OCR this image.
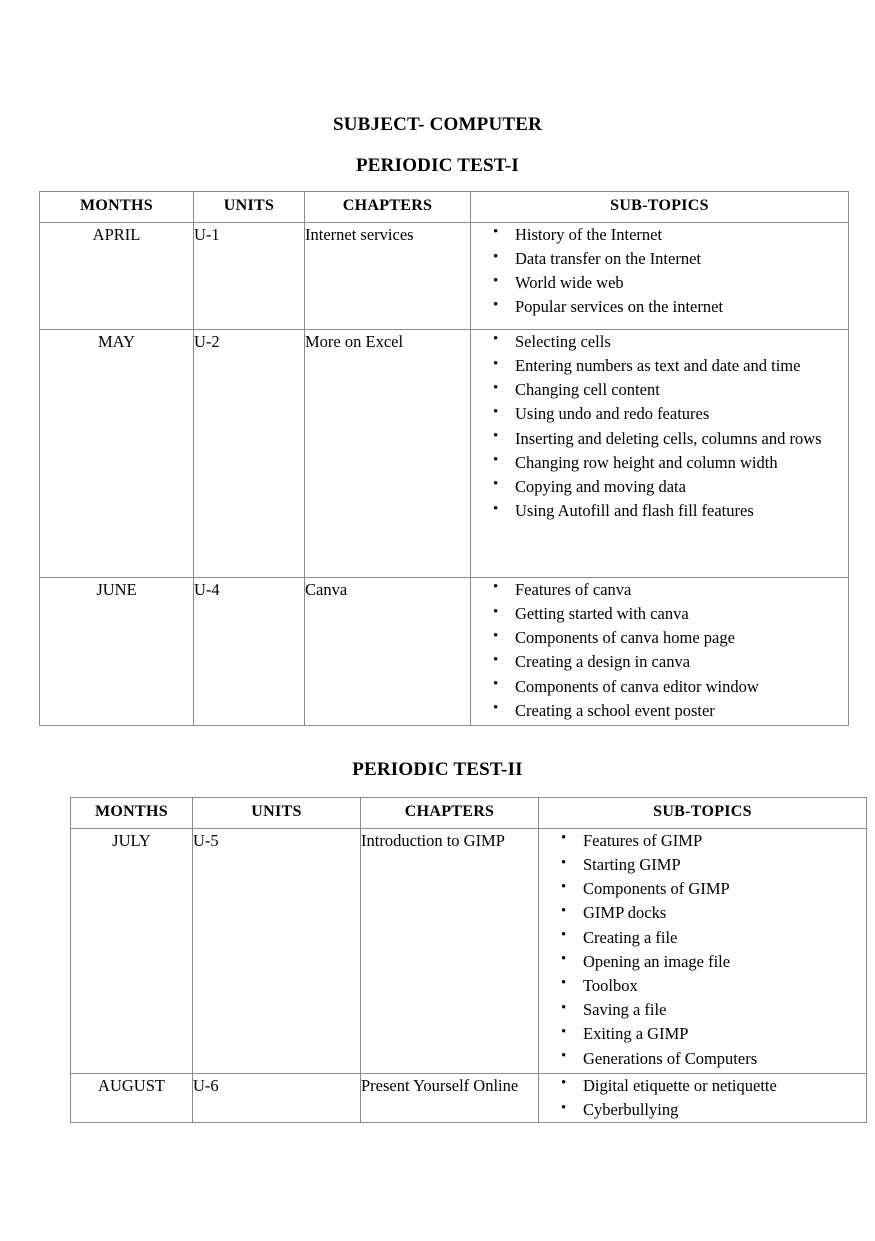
SUBJECT- COMPUTER
PERIODIC TEST-I
MONTHS	UNITS	CHAPTERS	SUB-TOPICS
APRIL	U-1	Internet services	
•History of the Internet
• Data transfer on the Internet
• World wide web
• Popular services on the internet

MAY	U-2	More on Excel	
•Selecting cells
• Entering numbers as text and date and time
• Changing cell content
• Using undo and redo features
• Inserting and deleting cells, columns and rows
• Changing row height and column width
• Copying and moving data
• Using Autofill and flash fill features

JUNE	U-4	Canva	
•Features of canva
• Getting started with canva
• Components of canva home page
• Creating a design in canva
• Components of canva editor window
• Creating a school event poster
PERIODIC TEST-II
MONTHS	UNITS	CHAPTERS	SUB-TOPICS
JULY	U-5	Introduction to GIMP	
•Features of GIMP
• Starting GIMP
• Components of GIMP
• GIMP docks
• Creating a file
• Opening an image file
• Toolbox
• Saving a file
• Exiting a GIMP
• Generations of Computers

AUGUST	U-6	Present Yourself Online	
•Digital etiquette or netiquette
• Cyberbullying
